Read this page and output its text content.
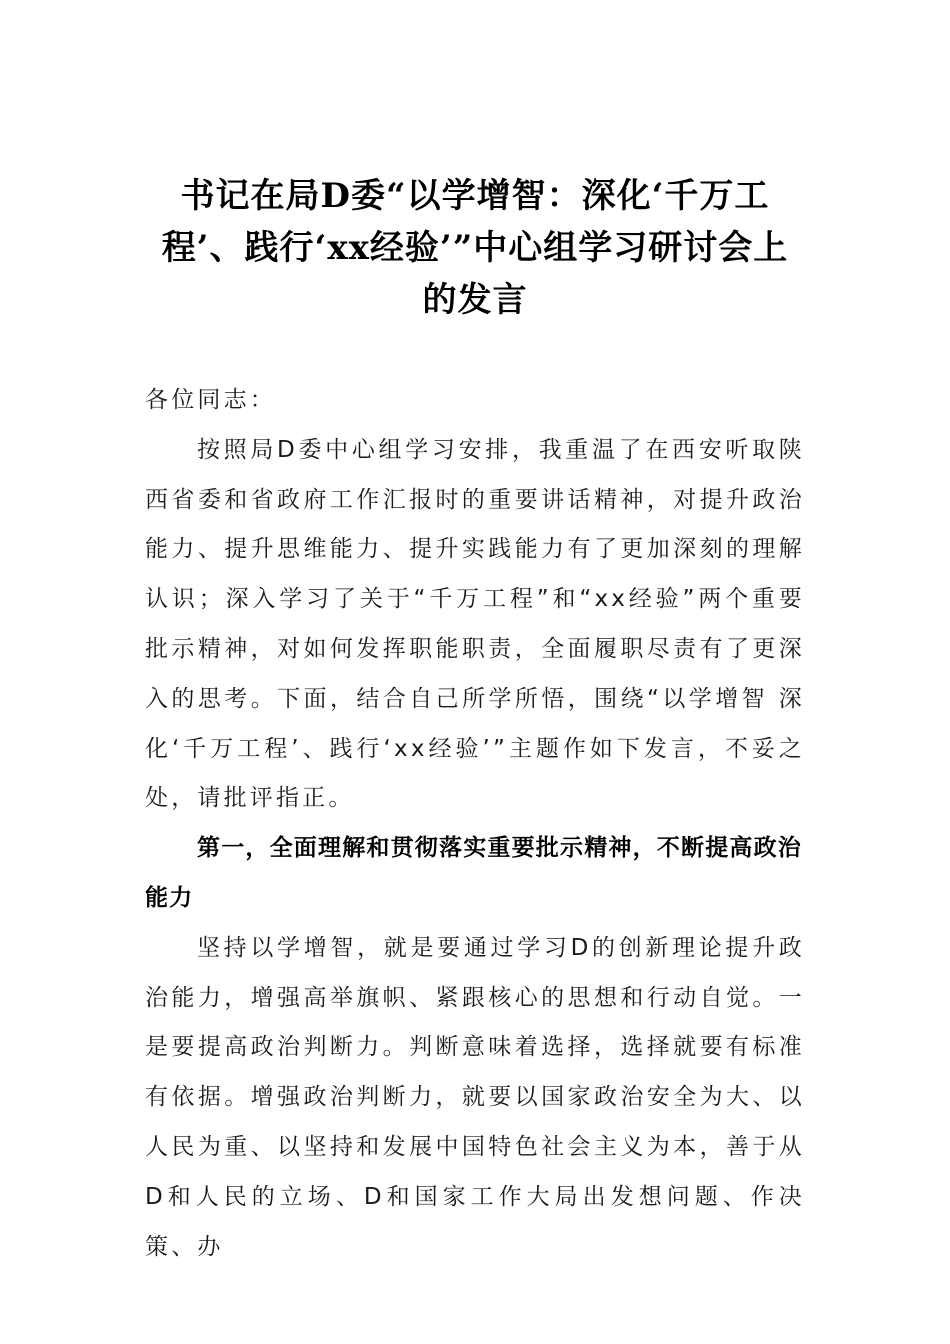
书记在局D委“以学增智：深化‘千万工程’、践行‘xx经验’”中心组学习研讨会上的发言

各位同志：

按照局D委中心组学习安排，我重温了在西安听取陕西省委和省政府工作汇报时的重要讲话精神，对提升政治能力、提升思维能力、提升实践能力有了更加深刻的理解认识；深入学习了关于“千万工程”和“xx经验”两个重要批示精神，对如何发挥职能职责，全面履职尽责有了更深入的思考。下面，结合自己所学所悟，围绕“以学增智 深化‘千万工程’、践行‘xx经验’”主题作如下发言，不妥之处，请批评指正。

第一，全面理解和贯彻落实重要批示精神，不断提高政治能力

坚持以学增智，就是要通过学习D的创新理论提升政治能力，增强高举旗帜、紧跟核心的思想和行动自觉。一是要提高政治判断力。判断意味着选择，选择就要有标准有依据。增强政治判断力，就要以国家政治安全为大、以人民为重、以坚持和发展中国特色社会主义为本，善于从D和人民的立场、D和国家工作大局出发想问题、作决策、办
